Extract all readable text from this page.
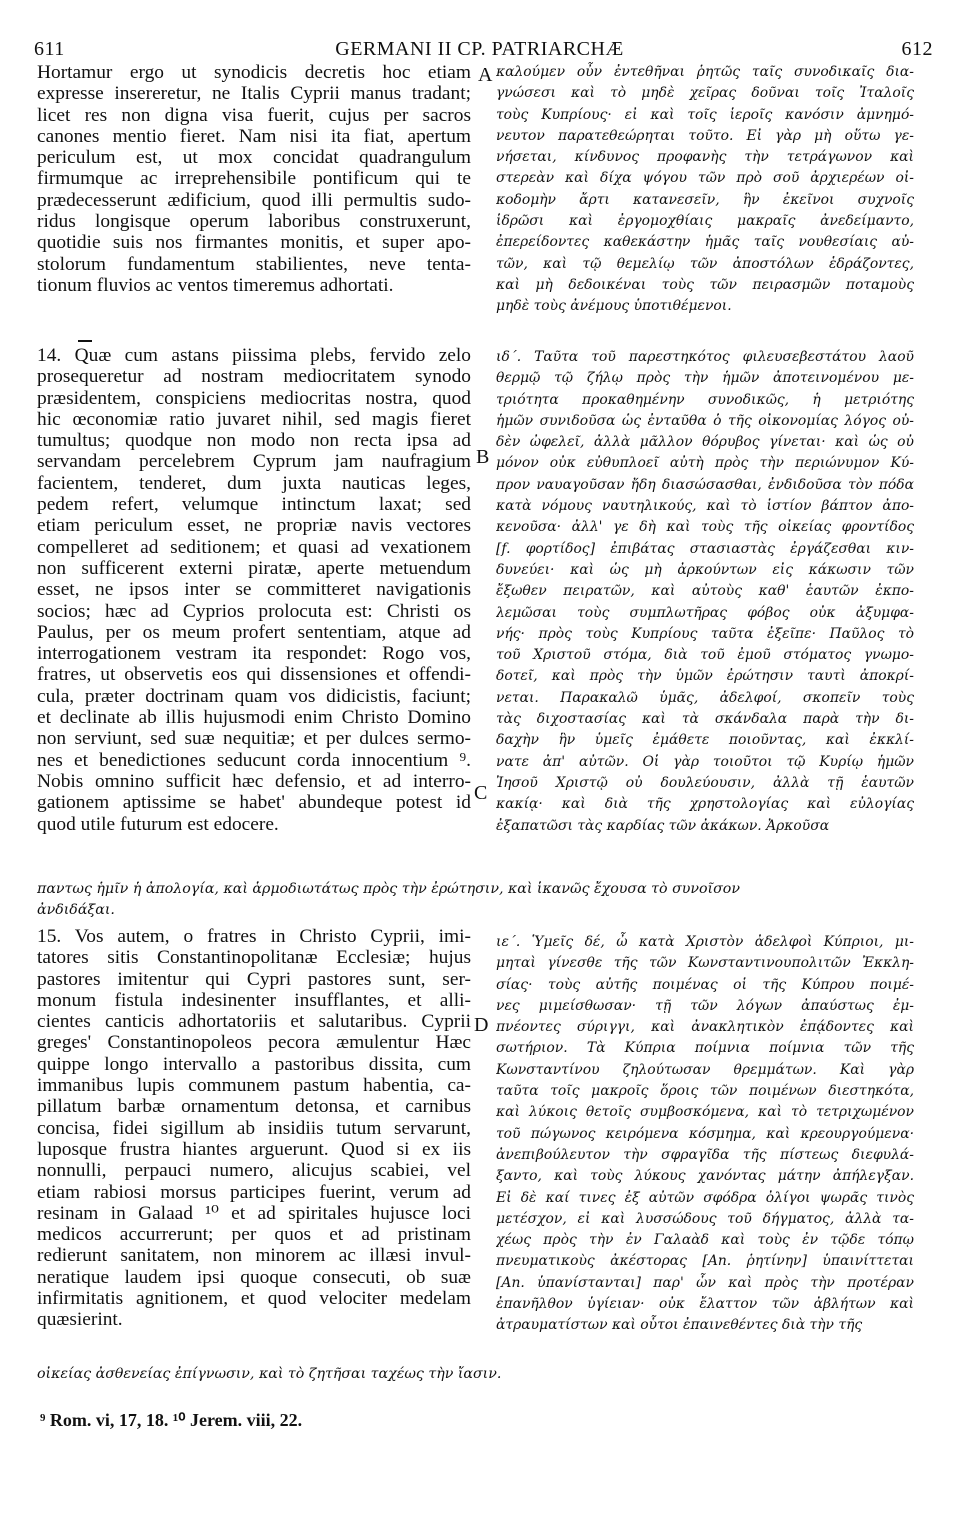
611	GERMANI II CP. PATRIARCHÆ	612
Hortamur ergo ut synodicis decretis hoc etiam
expresse insereretur, ne Italis Cyprii manus tradant;
licet res non digna visa fuerit, cujus per sacros
canones mentio fieret. Nam nisi ita fiat, apertum
periculum est, ut mox concidat quadrangulum
firmumque ac irreprehensibile pontificum qui te
prædecesserunt ædificium, quod illi permultis sudo-
ridus longisque operum laboribus construxerunt,
quotidie suis nos firmantes monitis, et super apo-
stolorum fundamentum stabilientes, neve tenta-
tionum fluvios ac ventos timeremus adhortati.
14. Quæ cum astans piissima plebs, fervido zelo
prosequeretur ad nostram mediocritatem synodo
præsidentem, conspiciens mediocritas nostra, quod
hic œconomiæ ratio juvaret nihil, sed magis fieret
tumultus; quodque non modo non recta ipsa ad
servandam percelebrem Cyprum jam naufragium
facientem, tenderet, dum juxta nauticas leges,
pedem refert, velumque intinctum laxat; sed
etiam periculum esset, ne propriæ navis vectores
compelleret ad seditionem; et quasi ad vexationem
non sufficerent externi piratæ, aperte metuendum
esset, ne ipsos inter se committeret navigationis
socios; hæc ad Cyprios prolocuta est: Christi os
Paulus, per os meum profert sententiam, atque ad
interrogationem vestram ita respondet: Rogo vos,
fratres, ut observetis eos qui dissensiones et offendi-
cula, præter doctrinam quam vos didicistis, faciunt;
et declinate ab illis hujusmodi enim Christo Domino
non serviunt, sed suæ nequitiæ; et per dulces sermo-
nes et benedictiones seducunt corda innocentium ⁹.
Nobis omnino sufficit hæc defensio, et ad interro-
gationem aptissime se habet' abundeque potest id
quod utile futurum est edocere.
καλούμεν οὖν ἐντεθῆναι ῥητῶς ταῖς συνοδικαῖς δια-
γνώσεσι καὶ τὸ μηδὲ χεῖρας δοῦναι τοῖς Ἰταλοῖς
τοὺς Κυπρίους· εἰ καὶ τοῖς ἱεροῖς κανόσιν ἀμνημό-
νευτον παρατεθεώρηται τοῦτο. Εἰ γὰρ μὴ οὕτω γε-
νήσεται, κίνδυνος προφανὴς τὴν τετράγωνον καὶ
στερεὰν καὶ δίχα ψόγου τῶν πρὸ σοῦ ἀρχιερέων οἰ-
κοδομὴν ἄρτι κατανεσεῖν, ἣν ἐκεῖνοι συχνοῖς
ἱδρῶσι καὶ ἐργομοχθίαις μακραῖς ἀνεδείμαντο,
ἐπερείδοντες καθεκάστην ἡμᾶς ταῖς νουθεσίαις αὐ-
τῶν, καὶ τῷ θεμελίῳ τῶν ἀποστόλων ἑδράζοντες,
καὶ μὴ δεδοικέναι τοὺς τῶν πειρασμῶν ποταμοὺς
μηδὲ τοὺς ἀνέμους ὑποτιθέμενοι.
ιδ΄. Ταῦτα τοῦ παρεστηκότος φιλευσεβεστάτου λαοῦ
θερμῷ τῷ ζήλῳ πρὸς τὴν ἡμῶν ἀποτεινομένου με-
τριότητα προκαθημένην συνοδικῶς, ἡ μετριότης
ἡμῶν συνιδοῦσα ὡς ἐνταῦθα ὁ τῆς οἰκονομίας λόγος οὐ-
δὲν ὠφελεῖ, ἀλλὰ μᾶλλον θόρυβος γίνεται· καὶ ὡς οὐ
μόνον οὐκ εὐθυπλοεῖ αὐτὴ πρὸς τὴν περιώνυμον Κύ-
προν ναυαγοῦσαν ἤδη διασώσασθαι, ἐνδιδοῦσα τὸν πόδα
κατὰ νόμους ναυτηλικούς, καὶ τὸ ἱστίον βάπτον ἀπο-
κενοῦσα· ἀλλ' γε δὴ καὶ τοὺς τῆς οἰκείας φροντίδος
[f. φορτίδος] ἐπιβάτας στασιαστὰς ἐργάζεσθαι κιν-
δυνεύει· καὶ ὡς μὴ ἀρκούντων εἰς κάκωσιν τῶν
ἔξωθεν πειρατῶν, καὶ αὐτοὺς καθ' ἑαυτῶν ἐκπο-
λεμῶσαι τοὺς συμπλωτῆρας φόβος οὐκ ἀξυμφα-
νής· πρὸς τοὺς Κυπρίους ταῦτα ἐξεῖπε· Παῦλος τὸ
τοῦ Χριστοῦ στόμα, διὰ τοῦ ἐμοῦ στόματος γνωμο-
δοτεῖ, καὶ πρὸς τὴν ὑμῶν ἐρώτησιν ταυτὶ ἀποκρί-
νεται. Παρακαλῶ ὑμᾶς, ἀδελφοί, σκοπεῖν τοὺς
τὰς διχοστασίας καὶ τὰ σκάνδαλα παρὰ τὴν δι-
δαχὴν ἣν ὑμεῖς ἐμάθετε ποιοῦντας, καὶ ἐκκλί-
νατε ἀπ' αὐτῶν. Οἱ γὰρ τοιοῦτοι τῷ Κυρίῳ ἡμῶν
Ἰησοῦ Χριστῷ οὐ δουλεύουσιν, ἀλλὰ τῇ ἑαυτῶν
κακίᾳ· καὶ διὰ τῆς χρηστολογίας καὶ εὐλογίας
ἐξαπατῶσι τὰς καρδίας τῶν ἀκάκων. Ἀρκοῦσα
παντως ἡμῖν ἡ ἀπολογία, καὶ ἁρμοδιωτάτως πρὸς τὴν ἐρώτησιν, καὶ ἱκανῶς ἔχουσα τὸ συνοῖσον
ἀνδιδάξαι.
15. Vos autem, o fratres in Christo Cyprii, imi-
tatores sitis Constantinopolitanæ Ecclesiæ; hujus
pastores imitentur qui Cypri pastores sunt, ser-
monum fistula indesinenter insufflantes, et alli-
cientes canticis adhortatoriis et salutaribus. Cyprii
greges' Constantinopoleos pecora æmulentur Hæc
quippe longo intervallo a pastoribus dissita, cum
immanibus lupis communem pastum habentia, ca-
pillatum barbæ ornamentum detonsa, et carnibus
concisa, fidei sigillum ab insidiis tutum servarunt,
luposque frustra hiantes arguerunt. Quod si ex iis
nonnulli, perpauci numero, alicujus scabiei, vel
etiam rabiosi morsus participes fuerint, verum ad
resinam in Galaad ¹⁰ et ad spiritales hujusce loci
medicos accurrerunt; per quos et ad pristinam
redierunt sanitatem, non minorem ac illæsi invul-
neratique laudem ipsi quoque consecuti, ob suæ
infirmitatis agnitionem, et quod velociter medelam
quæsierint.
ιε΄. Ὑμεῖς δέ, ὦ κατὰ Χριστὸν ἀδελφοὶ Κύπριοι, μι-
μηταὶ γίνεσθε τῆς τῶν Κωνσταντινουπολιτῶν Ἐκκλη-
σίας· τοὺς αὐτῆς ποιμένας οἱ τῆς Κύπρου ποιμέ-
νες μιμείσθωσαν· τῇ τῶν λόγων ἀπαύστως ἐμ-
πνέοντες σύριγγι, καὶ ἀνακλητικὸν ἐπᾴδοντες καὶ
σωτήριον. Τὰ Κύπρια ποίμνια ποίμνια τῶν τῆς
Κωνσταντίνου ζηλούτωσαν θρεμμάτων. Καὶ γὰρ
ταῦτα τοῖς μακροῖς ὅροις τῶν ποιμένων διεστηκότα,
καὶ λύκοις θετοῖς συμβοσκόμενα, καὶ τὸ τετριχωμένον
τοῦ πώγωνος κειρόμενα κόσμημα, καὶ κρεουργούμενα·
ἀνεπιβούλευτον τὴν σφραγῖδα τῆς πίστεως διεφυλά-
ξαντο, καὶ τοὺς λύκους χανόντας μάτην ἀπήλεγξαν.
Εἰ δὲ καί τινες ἐξ αὐτῶν σφόδρα ὀλίγοι ψωρᾶς τινὸς
μετέσχον, εἰ καὶ λυσσώδους τοῦ δήγματος, ἀλλὰ τα-
χέως πρὸς τὴν ἐν Γαλαὰδ καὶ τοὺς ἐν τῷδε τόπῳ
πνευματικοὺς ἀκέστορας [An. ῥητίνην] ὑπαινίττεται
[An. ὑπανίστανται] παρ' ὧν καὶ πρὸς τὴν προτέραν
ἐπανῆλθον ὑγίειαν· οὐκ ἔλαττον τῶν ἀβλήτων καὶ
ἀτραυματίστων καὶ οὗτοι ἐπαινεθέντες διὰ τὴν τῆς
οἰκείας ἀσθενείας ἐπίγνωσιν, καὶ τὸ ζητῆσαι ταχέως τὴν ἴασιν.
A
B
C
D
⁹ Rom. vi, 17, 18. ¹⁰ Jerem. viii, 22.
